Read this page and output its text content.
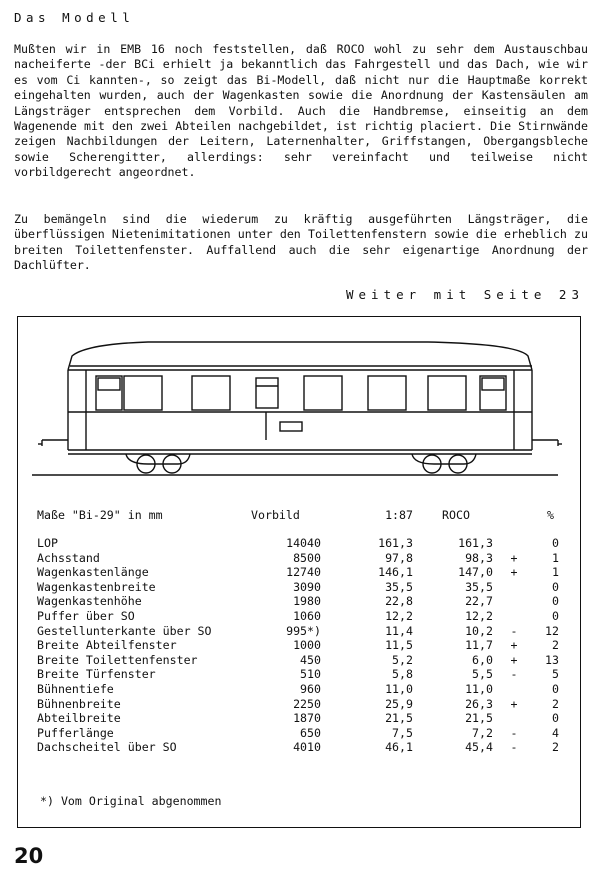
Das Modell

Mußten wir in EMB 16 noch feststellen, daß ROCO wohl zu sehr dem Austauschbau nacheiferte -der BCi erhielt ja bekanntlich das Fahrgestell und das Dach, wie wir es vom Ci kannten-, so zeigt das Bi-Modell, daß nicht nur die Hauptmaße korrekt eingehalten wurden, auch der Wagenkasten sowie die Anordnung der Kastensäulen am Längsträger entsprechen dem Vorbild. Auch die Handbremse, einseitig an dem Wagenende mit den zwei Abteilen nachgebildet, ist richtig placiert. Die Stirnwände zeigen Nachbildungen der Leitern, Laternenhalter, Griffstangen, Obergangsbleche sowie Scherengitter, allerdings: sehr vereinfacht und teilweise nicht vorbildgerecht angeordnet.

Zu bemängeln sind die wiederum zu kräftig ausgeführten Längsträger, die überflüssigen Nietenimitationen unter den Toilettenfenstern sowie die erheblich zu breiten Toilettenfenster. Auffallend auch die sehr eigenartige Anordnung der Dachlüfter.

Weiter mit Seite 23
Maße "Bi-29" in mm	Vorbild	1:87	ROCO	%
LOP	14040	161,3	161,3	0
Achsstand	8500	97,8	98,3	+	1
Wagenkastenlänge	12740	146,1	147,0	+	1
Wagenkastenbreite	3090	35,5	35,5	0
Wagenkastenhöhe	1980	22,8	22,7	0
Puffer über SO	1060	12,2	12,2	0
Gestellunterkante über SO	995*)	11,4	10,2	-	12
Breite Abteilfenster	1000	11,5	11,7	+	2
Breite Toilettenfenster	450	5,2	6,0	+	13
Breite Türfenster	510	5,8	5,5	-	5
Bühnentiefe	960	11,0	11,0	0
Bühnenbreite	2250	25,9	26,3	+	2
Abteilbreite	1870	21,5	21,5	0
Pufferlänge	650	7,5	7,2	-	4
Dachscheitel über SO	4010	46,1	45,4	-	2
*) Vom Original abgenommen
20
